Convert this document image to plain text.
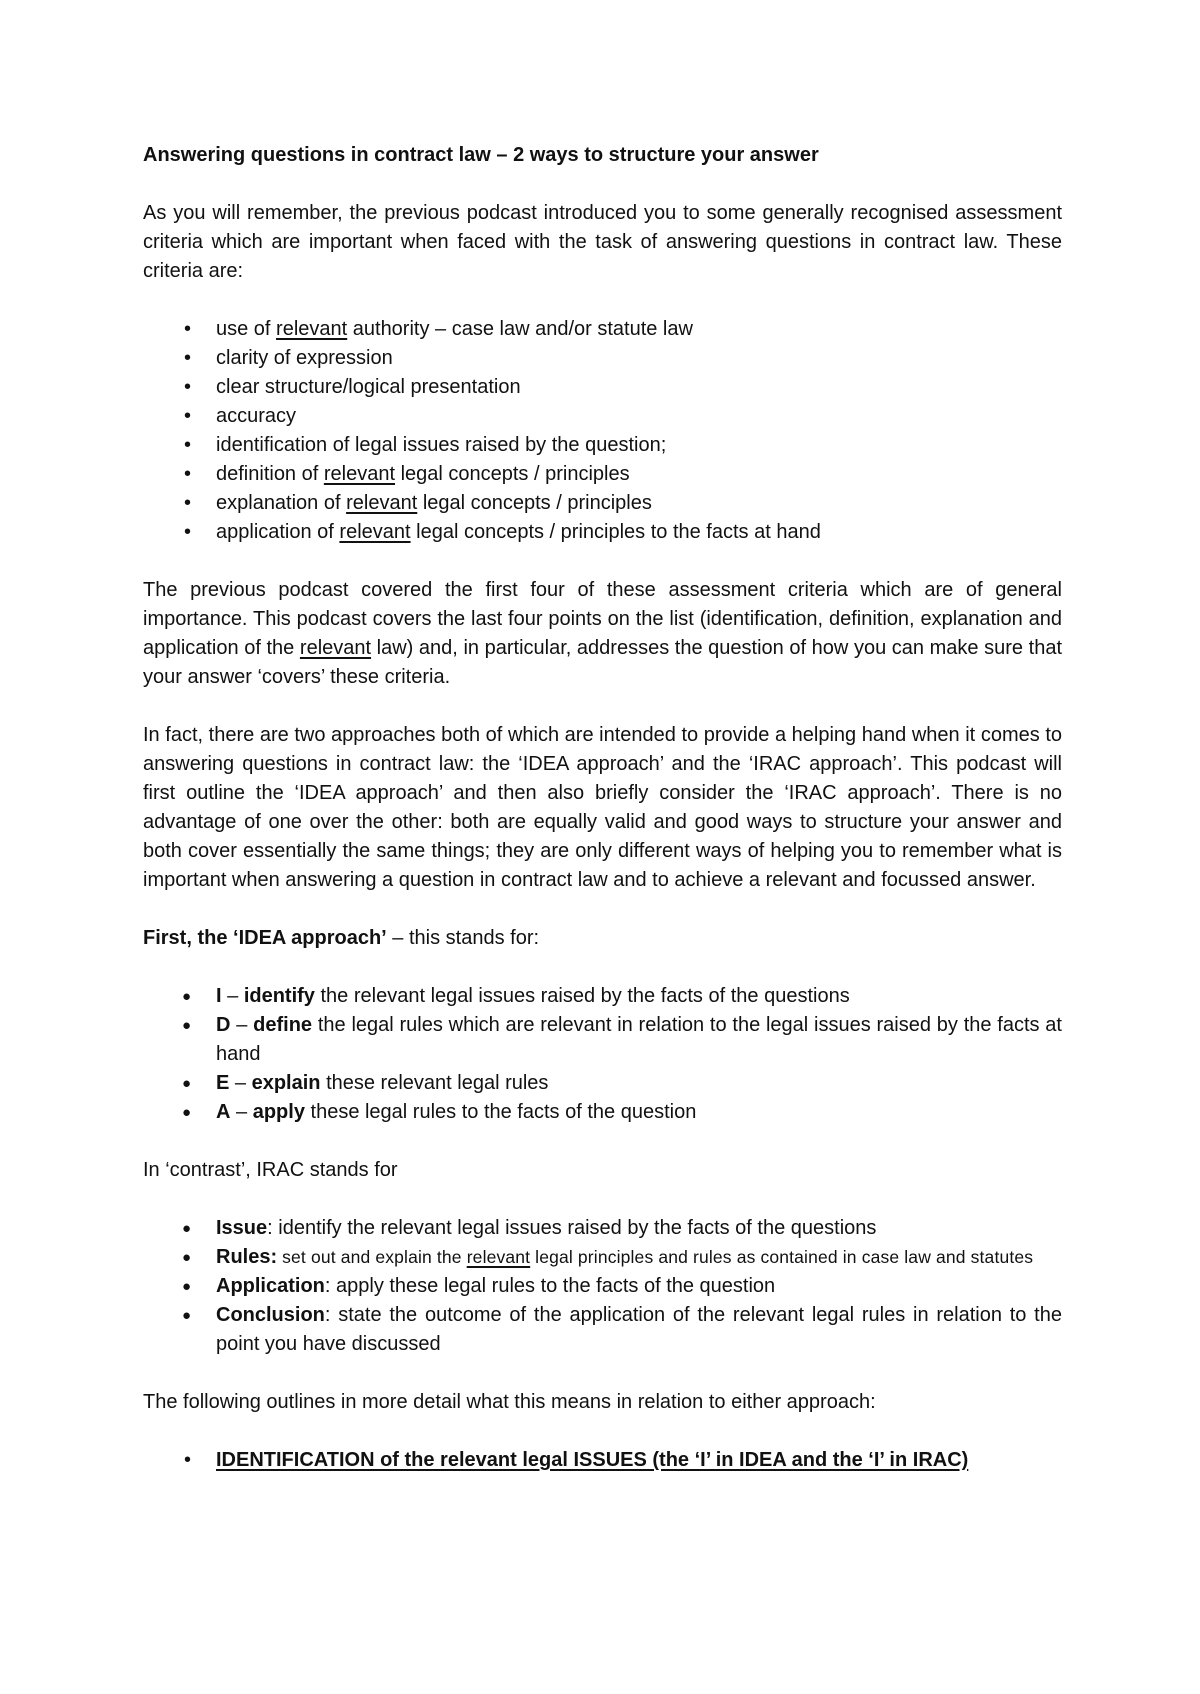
Answering questions in contract law – 2 ways to structure your answer

As you will remember, the previous podcast introduced you to some generally recognised assessment criteria which are important when faced with the task of answering questions in contract law. These criteria are:

• use of relevant authority – case law and/or statute law
• clarity of expression
• clear structure/logical presentation
• accuracy
• identification of legal issues raised by the question;
• definition of relevant legal concepts / principles
• explanation of relevant legal concepts / principles
• application of relevant legal concepts / principles to the facts at hand

The previous podcast covered the first four of these assessment criteria which are of general importance. This podcast covers the last four points on the list (identification, definition, explanation and application of the relevant law) and, in particular, addresses the question of how you can make sure that your answer ‘covers’ these criteria.

In fact, there are two approaches both of which are intended to provide a helping hand when it comes to answering questions in contract law: the ‘IDEA approach’ and the ‘IRAC approach’. This podcast will first outline the ‘IDEA approach’ and then also briefly consider the ‘IRAC approach’. There is no advantage of one over the other: both are equally valid and good ways to structure your answer and both cover essentially the same things; they are only different ways of helping you to remember what is important when answering a question in contract law and to achieve a relevant and focussed answer.

First, the ‘IDEA approach’ – this stands for:

● I – identify the relevant legal issues raised by the facts of the questions
● D – define the legal rules which are relevant in relation to the legal issues raised by the facts at hand
● E – explain these relevant legal rules
● A – apply these legal rules to the facts of the question

In ‘contrast’, IRAC stands for

● Issue: identify the relevant legal issues raised by the facts of the questions
● Rules: set out and explain the relevant legal principles and rules as contained in case law and statutes
● Application: apply these legal rules to the facts of the question
● Conclusion: state the outcome of the application of the relevant legal rules in relation to the point you have discussed

The following outlines in more detail what this means in relation to either approach:

• IDENTIFICATION of the relevant legal ISSUES (the ‘I’ in IDEA and the ‘I’ in IRAC)
